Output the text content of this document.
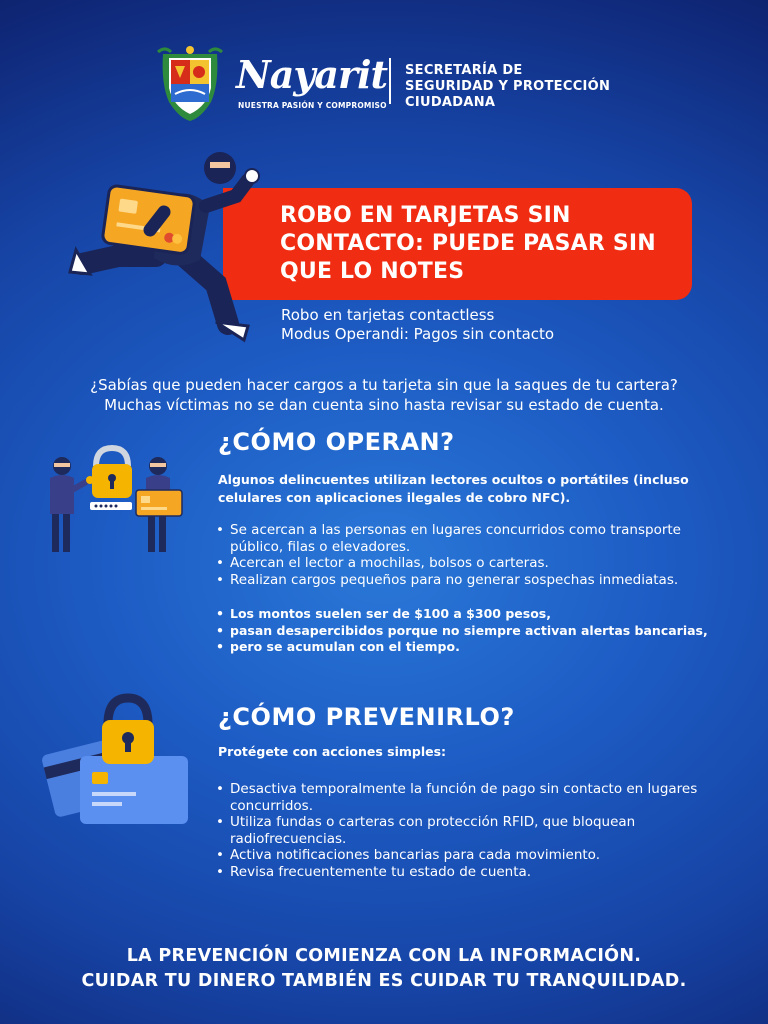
Nayarit
NUESTRA PASIÓN Y COMPROMISO
SECRETARÍA DE
SEGURIDAD Y PROTECCIÓN
CIUDADANA
ROBO EN TARJETAS SIN CONTACTO: PUEDE PASAR SIN QUE LO NOTES
Robo en tarjetas contactless
Modus Operandi: Pagos sin contacto
¿Sabías que pueden hacer cargos a tu tarjeta sin que la saques de tu cartera?
Muchas víctimas no se dan cuenta sino hasta revisar su estado de cuenta.
¿CÓMO OPERAN?
Algunos delincuentes utilizan lectores ocultos o portátiles (incluso celulares con aplicaciones ilegales de cobro NFC).
• Se acercan a las personas en lugares concurridos como transporte público, filas o elevadores.
• Acercan el lector a mochilas, bolsos o carteras.
• Realizan cargos pequeños para no generar sospechas inmediatas.
• Los montos suelen ser de $100 a $300 pesos,
• pasan desapercibidos porque no siempre activan alertas bancarias,
• pero se acumulan con el tiempo.
¿CÓMO PREVENIRLO?
Protégete con acciones simples:
• Desactiva temporalmente la función de pago sin contacto en lugares concurridos.
• Utiliza fundas o carteras con protección RFID, que bloquean radiofrecuencias.
• Activa notificaciones bancarias para cada movimiento.
• Revisa frecuentemente tu estado de cuenta.
LA PREVENCIÓN COMIENZA CON LA INFORMACIÓN.
CUIDAR TU DINERO TAMBIÉN ES CUIDAR TU TRANQUILIDAD.
